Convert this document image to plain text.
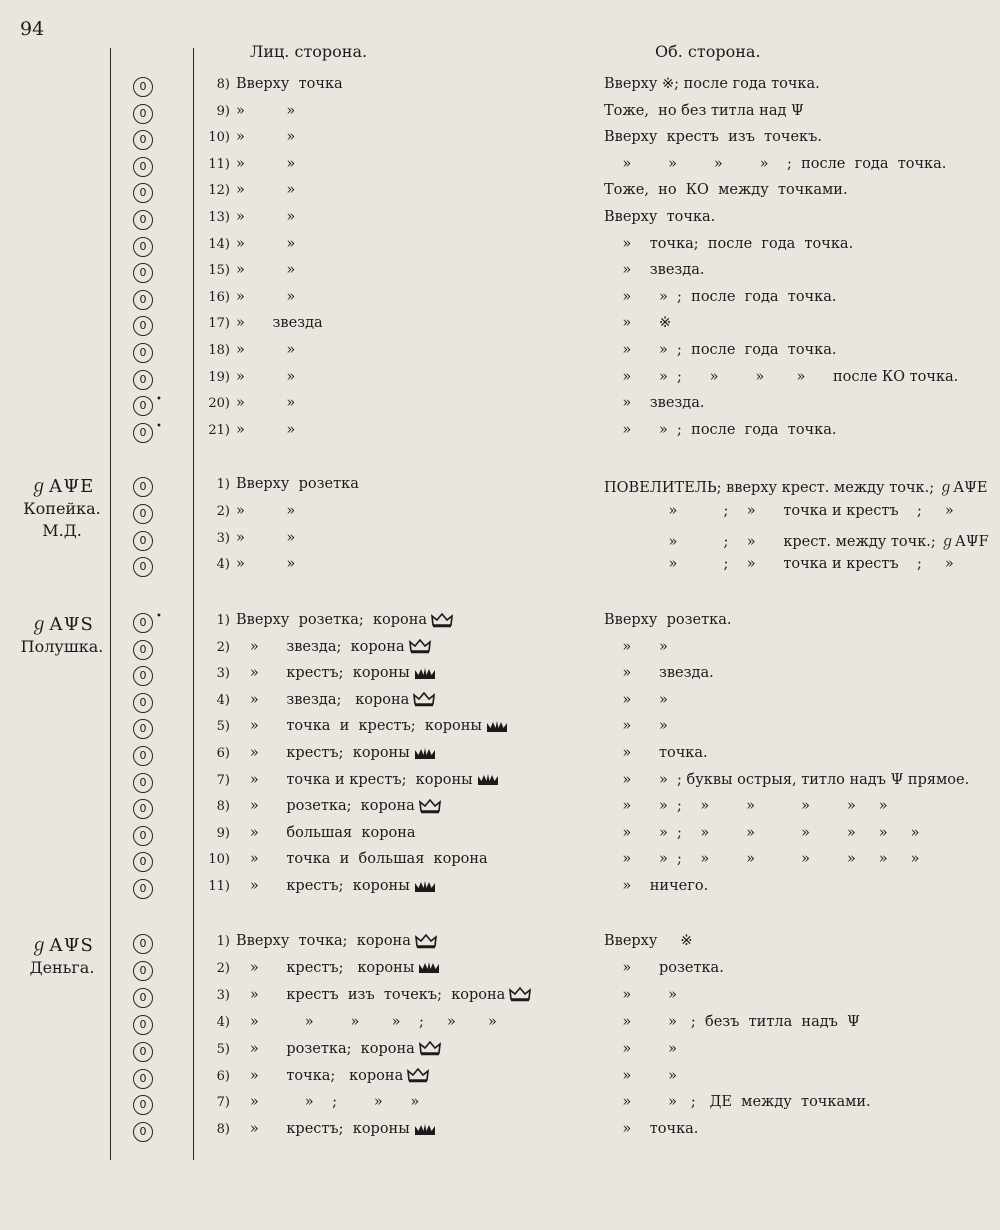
94
Лиц. сторона.	Об. сторона.
0	8) Вверху  точка	Вверху ※; после года точка.
0	9) »         »	Тоже,  но без титла над Ψ
0	10) »         »	Вверху  крестъ  изъ  точекъ.
0	11) »         »	»        »        »        »    ;  после  года  точка.
0	12) »         »	Тоже,  но  КО  между  точками.
0	13) »         »	Вверху  точка.
0	14) »         »	»    точка;  после  года  точка.
0	15) »         »	»    звезда.
0	16) »         »	»      »  ;  после  года  точка.
0	17) »      звезда	»      ※
0	18) »         »	»      »  ;  после  года  точка.
0	19) »         »	»      »  ;      »        »       »      после КО точка.
0 •	20) »         »	»    звезда.
0 •	21) »         »	»      »  ;  после  года  точка.
ℊАΨЕ
Копейка.
М.Д.
0	1) Вверху  розетка	ПОВЕЛИТЕЛЬ; вверху крест. между точк.; ℊАΨЕ
0	2) »         »	»          ;    »      точка и крестъ    ;     »
0	3) »         »	»          ;    »      крест. между точк.; ℊАΨF
0	4) »         »	»          ;    »      точка и крестъ    ;     »
ℊАΨЅ
Полушка.
0 •	1) Вверху  розетка;  корона	Вверху  розетка.
0	2) »      звезда;  корона	»      »
0	3) »      крестъ;  короны	»      звезда.
0	4) »      звезда;   корона	»      »
0	5) »      точка  и  крестъ;  короны	»      »
0	6) »      крестъ;  короны	»      точка.
0	7) »      точка и крестъ;  короны	»      »  ; буквы острыя, титло надъ Ψ прямое.
0	8) »      розетка;  корона	»      »  ;    »        »          »        »     »
0	9) »      большая  корона	»      »  ;    »        »          »        »     »     »
0	10) »      точка  и  большая  корона	»      »  ;    »        »          »        »     »     »
0	11) »      крестъ;  короны	»    ничего.
ℊАΨЅ
Деньга.
0	1) Вверху  точка;  корона	Вверху     ※
0	2) »      крестъ;   короны	»      розетка.
0	3) »      крестъ  изъ  точекъ;  корона	»        »
0	4) »          »        »       »    ;     »       »	»        »   ;  безъ  титла  надъ  Ψ
0	5) »      розетка;  корона	»        »
0	6) »      точка;   корона	»        »
0	7) »          »    ;        »      »	»        »   ;   ДЕ  между  точками.
0	8) »      крестъ;  короны	»    точка.
